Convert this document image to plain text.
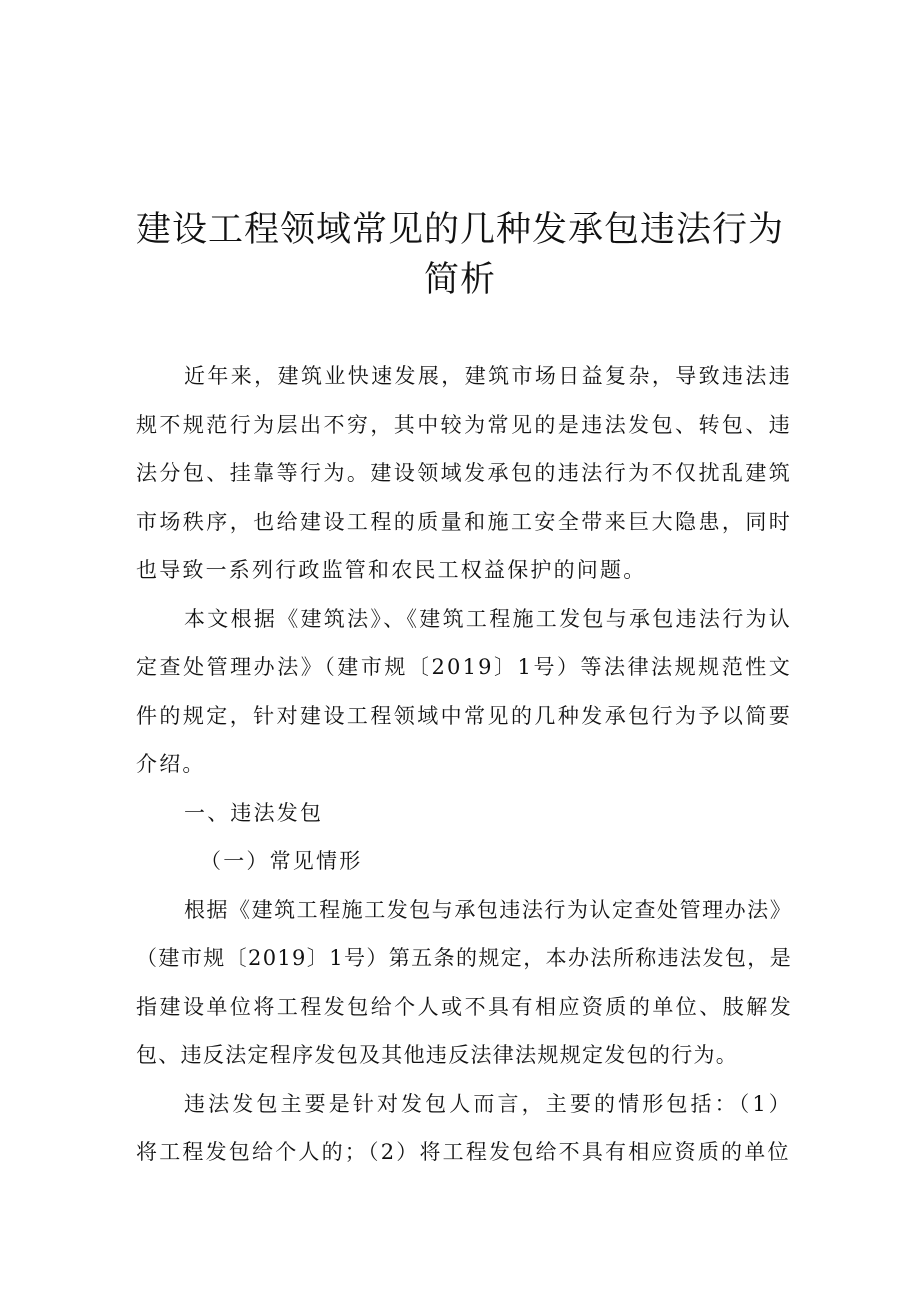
建设工程领域常见的几种发承包违法行为
简析

近年来，建筑业快速发展，建筑市场日益复杂，导致违法违规不规范行为层出不穷，其中较为常见的是违法发包、转包、违法分包、挂靠等行为。建设领域发承包的违法行为不仅扰乱建筑市场秩序，也给建设工程的质量和施工安全带来巨大隐患，同时也导致一系列行政监管和农民工权益保护的问题。

本文根据《建筑法》、《建筑工程施工发包与承包违法行为认定查处管理办法》（建市规〔2019〕1号）等法律法规规范性文件的规定，针对建设工程领域中常见的几种发承包行为予以简要介绍。

一、违法发包

（一）常见情形

根据《建筑工程施工发包与承包违法行为认定查处管理办法》（建市规〔2019〕1号）第五条的规定，本办法所称违法发包，是指建设单位将工程发包给个人或不具有相应资质的单位、肢解发包、违反法定程序发包及其他违反法律法规规定发包的行为。

违法发包主要是针对发包人而言，主要的情形包括：（1）将工程发包给个人的；（2）将工程发包给不具有相应资质的单位
